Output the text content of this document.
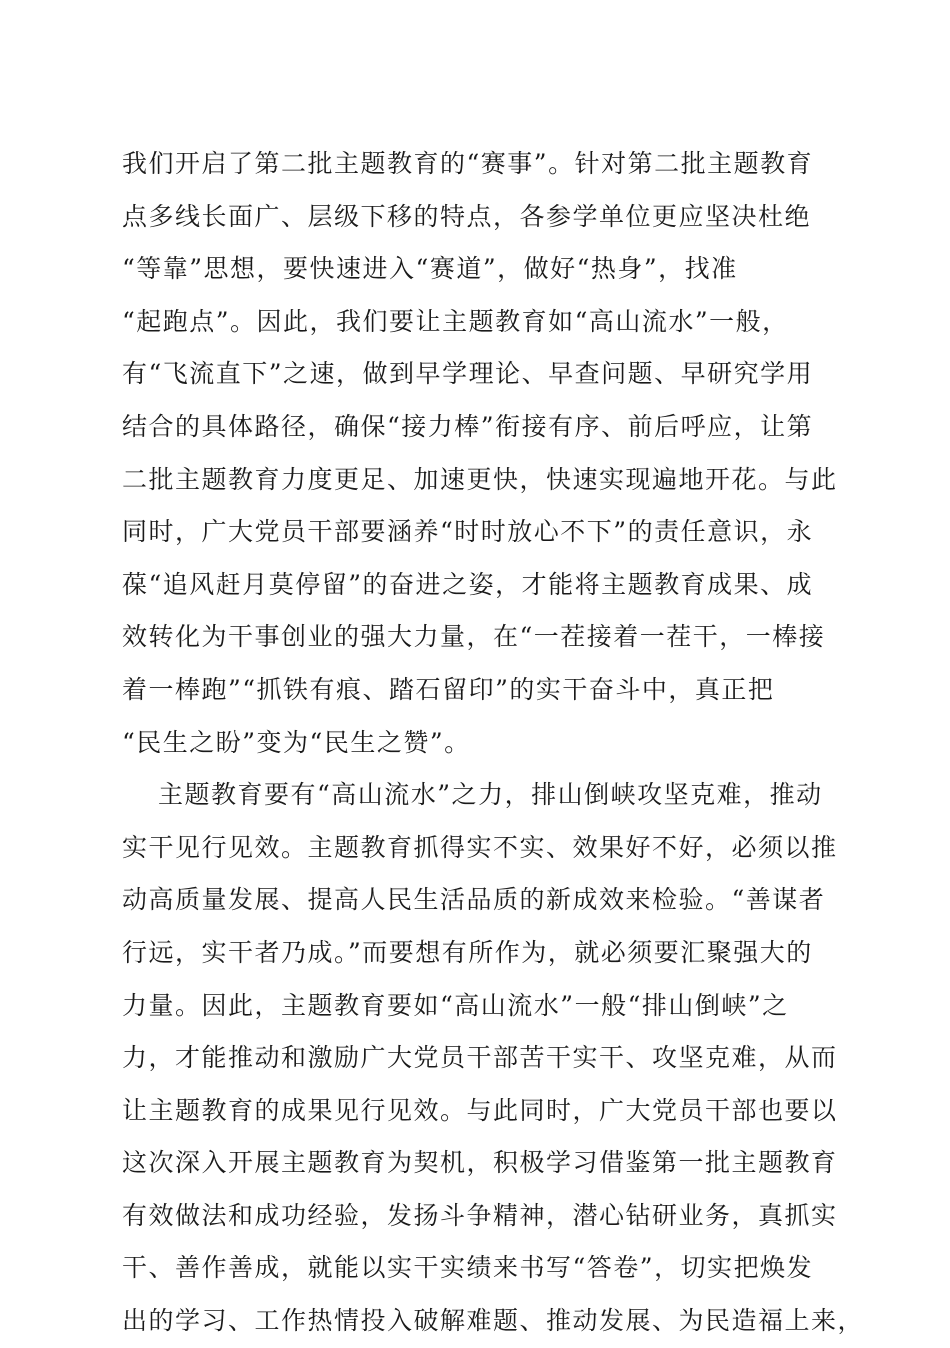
我们开启了第二批主题教育的“赛事”。针对第二批主题教育
点多线长面广、层级下移的特点，各参学单位更应坚决杜绝
“等靠”思想，要快速进入“赛道”，做好“热身”，找准
“起跑点”。因此，我们要让主题教育如“高山流水”一般，
有“飞流直下”之速，做到早学理论、早查问题、早研究学用
结合的具体路径，确保“接力棒”衔接有序、前后呼应，让第
二批主题教育力度更足、加速更快，快速实现遍地开花。与此
同时，广大党员干部要涵养“时时放心不下”的责任意识，永
葆“追风赶月莫停留”的奋进之姿，才能将主题教育成果、成
效转化为干事创业的强大力量，在“一茬接着一茬干，一棒接
着一棒跑”“抓铁有痕、踏石留印”的实干奋斗中，真正把
“民生之盼”变为“民生之赞”。
主题教育要有“高山流水”之力，排山倒峡攻坚克难，推动
实干见行见效。主题教育抓得实不实、效果好不好，必须以推
动高质量发展、提高人民生活品质的新成效来检验。“善谋者
行远，实干者乃成。”而要想有所作为，就必须要汇聚强大的
力量。因此，主题教育要如“高山流水”一般“排山倒峡”之
力，才能推动和激励广大党员干部苦干实干、攻坚克难，从而
让主题教育的成果见行见效。与此同时，广大党员干部也要以
这次深入开展主题教育为契机，积极学习借鉴第一批主题教育
有效做法和成功经验，发扬斗争精神，潜心钻研业务，真抓实
干、善作善成，就能以实干实绩来书写“答卷”，切实把焕发
出的学习、工作热情投入破解难题、推动发展、为民造福上来，
